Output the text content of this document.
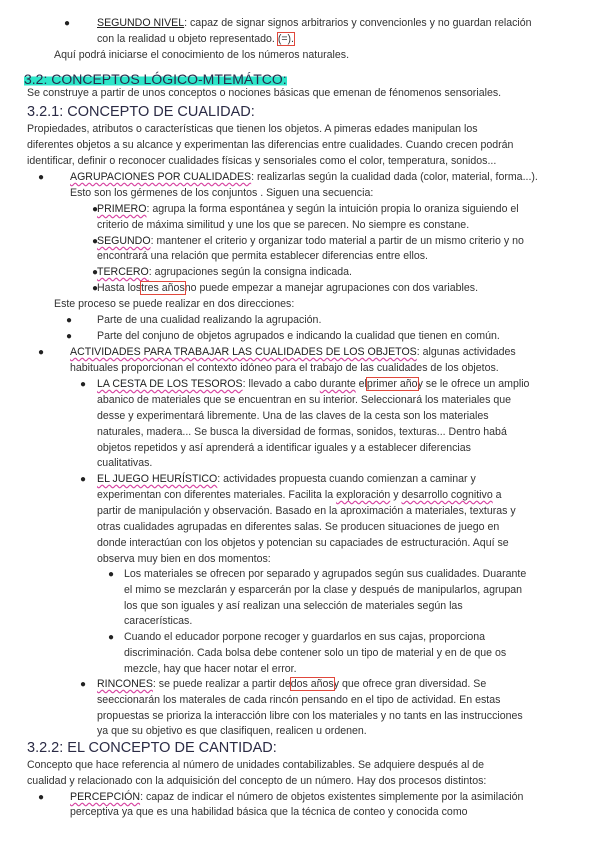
●	SEGUNDO NIVEL: capaz de signar signos arbitrarios y convencionles y no guardan relación
con la realidad u objeto representado. (=).
Aquí podrá iniciarse el conocimiento de los números naturales.
3.2: CONCEPTOS LÓGICO-MTEMÁTCO:
Se construye a partir de unos conceptos o nociones básicas que emenan de fénomenos sensoriales.
3.2.1: CONCEPTO DE CUALIDAD:
Propiedades, atributos o características que tienen los objetos. A pimeras edades manipulan los
diferentes objetos a su alcance y experimentan las diferencias entre cualidades. Cuando crecen podrán
identificar, definir o reconocer cualidades físicas y sensoriales como el color, temperatura, sonidos...
● AGRUPACIONES POR CUALIDADES: realizarlas según la cualidad dada (color, material, forma...).
Esto son los gérmenes de los conjuntos . Siguen una secuencia:
●
PRIMERO: agrupa la forma espontánea y según la intuición propia lo oraniza siguiendo el
criterio de máxima similitud y une los que se parecen. No siempre es constane.
●
SEGUNDO: mantener el criterio y organizar todo material a partir de un mismo criterio y no
encontrará una relación que permita establecer diferencias entre ellos.
●
TERCERO: agrupaciones según la consigna indicada.
●
Hasta lostres añosno puede empezar a manejar agrupaciones con dos variables.
Este proceso se puede realizar en dos direcciones:
● Parte de una cualidad realizando la agrupación.
● Parte del conjuno de objetos agrupados e indicando la cualidad que tienen en común.
● ACTIVIDADES PARA TRABAJAR LAS CUALIDADES DE LOS OBJETOS: algunas actividades
habituales proporcionan el contexto idóneo para el trabajo de las cualidades de los objetos.
● LA CESTA DE LOS TESOROS: llevado a cabo durante elprimer añoy se le ofrece un amplio
abanico de materiales que se encuentran en su interior. Seleccionará los materiales que
desse y experimentará libremente. Una de las claves de la cesta son los materiales
naturales, madera... Se busca la diversidad de formas, sonidos, texturas... Dentro habá
objetos repetidos y así aprenderá a identificar iguales y a establecer diferencias
cualitativas.
● EL JUEGO HEURÍSTICO: actividades propuesta cuando comienzan a caminar y
experimentan con diferentes materiales. Facilita la exploración y desarrollo cognitivo a
partir de manipulación y observación. Basado en la aproximación a materiales, texturas y
otras cualidades agrupadas en diferentes salas. Se producen situaciones de juego en
donde interactúan con los objetos y potencian su capaciades de estructuración. Aquí se
observa muy bien en dos momentos:
● Los materiales se ofrecen por separado y agrupados según sus cualidades. Duarante
el mimo se mezclarán y esparcerán por la clase y después de manipularlos, agrupan
los que son iguales y así realizan una selección de materiales según las
caracerísticas.
● Cuando el educador porpone recoger y guardarlos en sus cajas, proporciona
discriminación. Cada bolsa debe contener solo un tipo de material y en de que os
mezcle, hay que hacer notar el error.
● RINCONES: se puede realizar a partir dedos añosy que ofrece gran diversidad. Se
seeccionarán los materales de cada rincón pensando en el tipo de actividad. En estas
propuestas se prioriza la interacción libre con los materiales y no tants en las instrucciones
ya que su objetivo es que clasifiquen, realicen u ordenen.
3.2.2: EL CONCEPTO DE CANTIDAD:
Concepto que hace referencia al número de unidades contabilizables. Se adquiere después al de
cualidad y relacionado con la adquisición del concepto de un número. Hay dos procesos distintos:
● PERCEPCIÓN: capaz de indicar el número de objetos existentes simplemente por la asimilación
perceptiva ya que es una habilidad básica que la técnica de conteo y conocida como
